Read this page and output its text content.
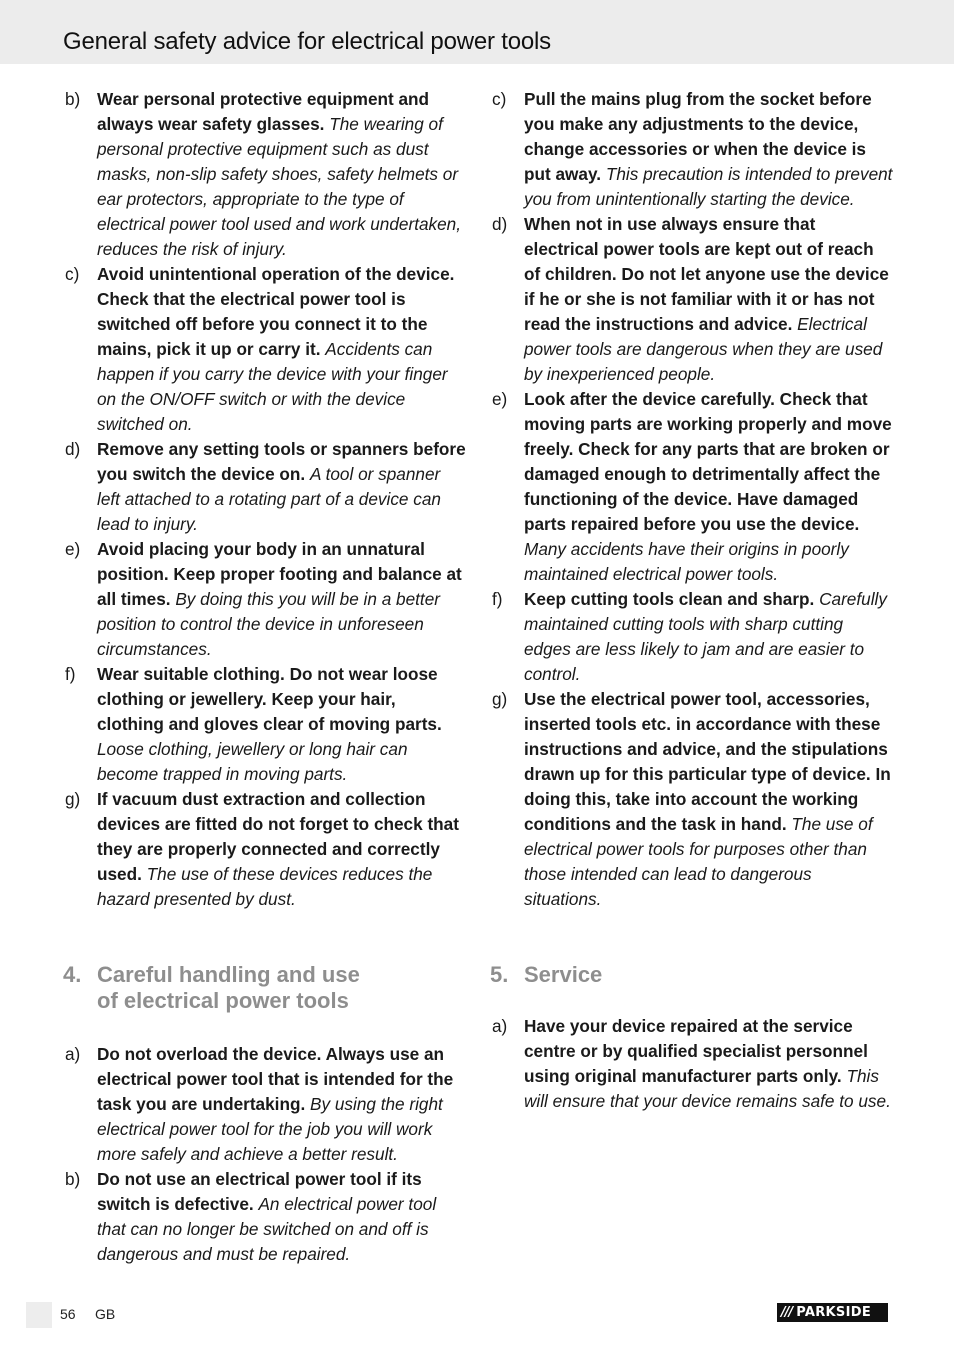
General safety advice for electrical power tools

b) Wear personal protective equipment and always wear safety glasses. The wearing of personal protective equipment such as dust masks, non-slip safety shoes, safety helmets or ear protectors, appropriate to the type of electrical power tool used and work undertaken, reduces the risk of injury.

c) Avoid unintentional operation of the device. Check that the electrical power tool is switched off before you connect it to the mains, pick it up or carry it. Accidents can happen if you carry the device with your finger on the ON/OFF switch or with the device switched on.

d) Remove any setting tools or spanners before you switch the device on. A tool or spanner left attached to a rotating part of a device can lead to injury.

e) Avoid placing your body in an unnatural position. Keep proper footing and balance at all times. By doing this you will be in a better position to control the device in unforeseen circumstances.

f) Wear suitable clothing. Do not wear loose clothing or jewellery. Keep your hair, clothing and gloves clear of moving parts. Loose clothing, jewellery or long hair can become trapped in moving parts.

g) If vacuum dust extraction and collection devices are fitted do not forget to check that they are properly connected and correctly used. The use of these devices reduces the hazard presented by dust.

4. Careful handling and use
of electrical power tools

a) Do not overload the device. Always use an electrical power tool that is intended for the task you are undertaking. By using the right electrical power tool for the job you will work more safely and achieve a better result.

b) Do not use an electrical power tool if its switch is defective. An electrical power tool that can no longer be switched on and off is dangerous and must be repaired.

c) Pull the mains plug from the socket before you make any adjustments to the device, change accessories or when the device is put away. This precaution is intended to prevent you from unintentionally starting the device.

d) When not in use always ensure that electrical power tools are kept out of reach of children. Do not let anyone use the device if he or she is not familiar with it or has not read the instructions and advice. Electrical power tools are dangerous when they are used by inexperienced people.

e) Look after the device carefully. Check that moving parts are working properly and move freely. Check for any parts that are broken or damaged enough to detrimentally affect the functioning of the device. Have damaged parts repaired before you use the device. Many accidents have their origins in poorly maintained electrical power tools.

f) Keep cutting tools clean and sharp. Carefully maintained cutting tools with sharp cutting edges are less likely to jam and are easier to control.

g) Use the electrical power tool, accessories, inserted tools etc. in accordance with these instructions and advice, and the stipulations drawn up for this particular type of device. In doing this, take into account the working conditions and the task in hand. The use of electrical power tools for purposes other than those intended can lead to dangerous situations.

5. Service

a) Have your device repaired at the service centre or by qualified specialist personnel using original manufacturer parts only. This will ensure that your device remains safe to use.

56 GB	/// PARKSIDE
